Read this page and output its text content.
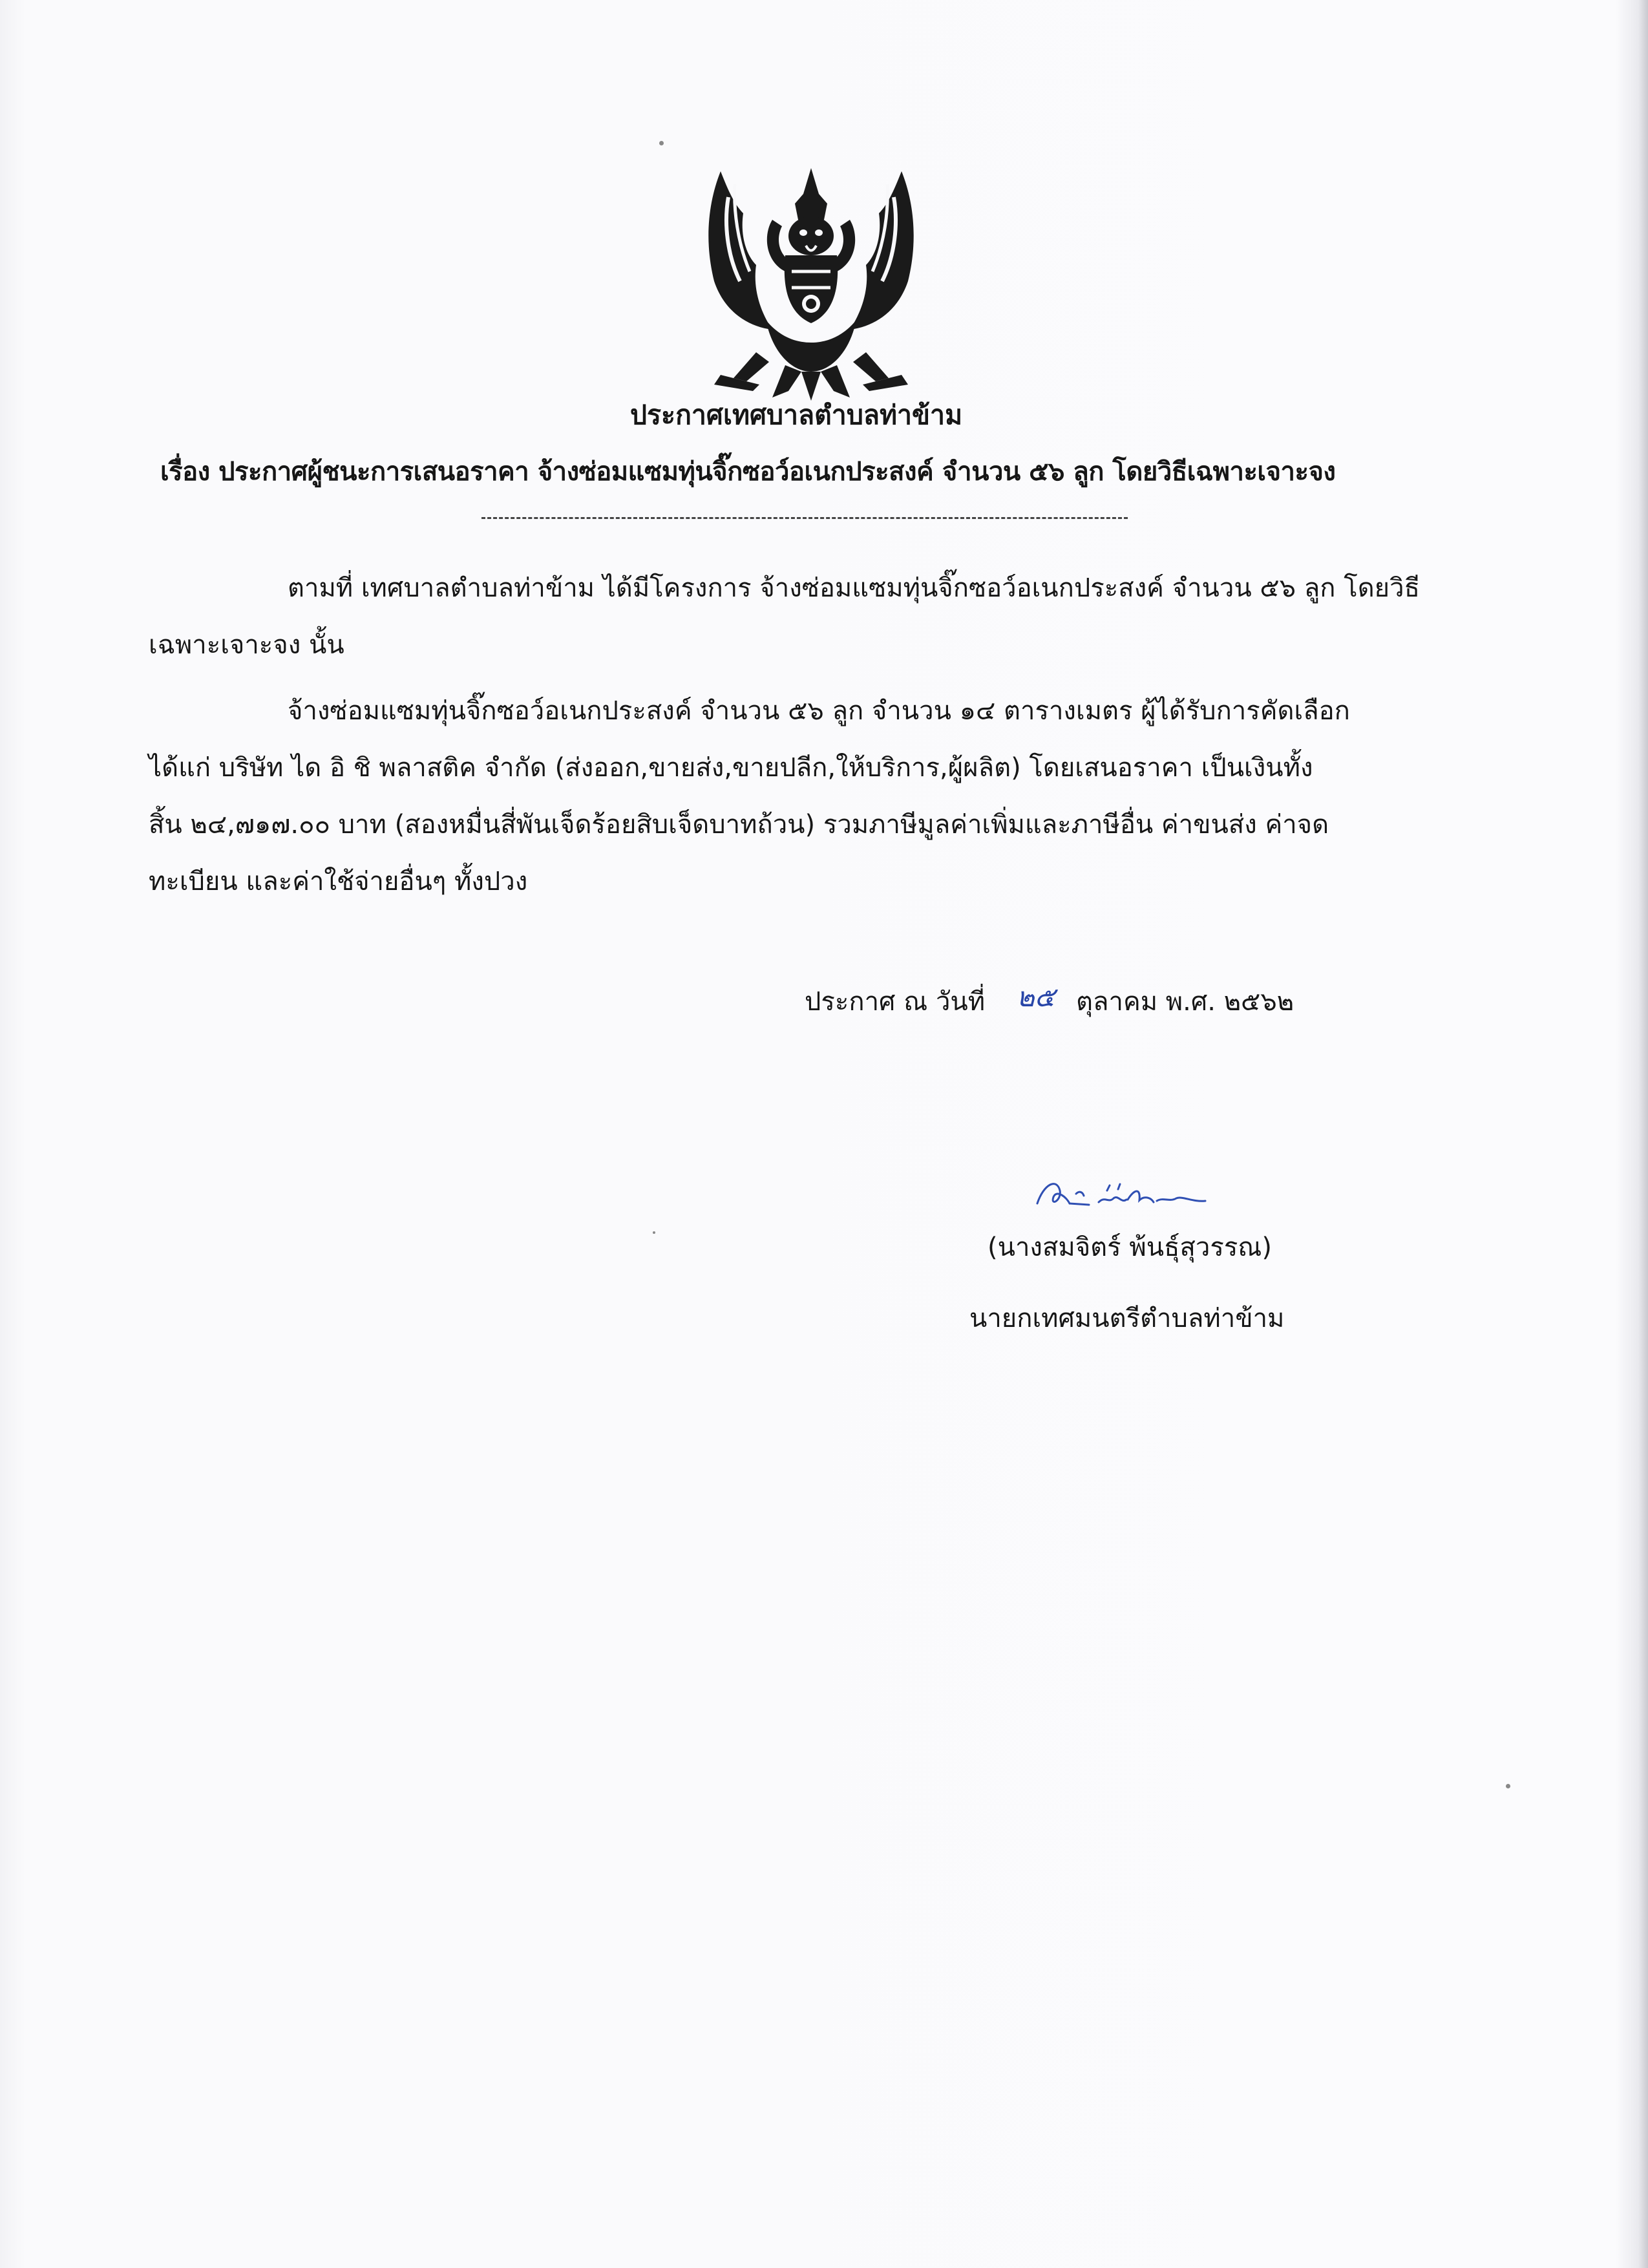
ประกาศเทศบาลตำบลท่าข้าม
เรื่อง ประกาศผู้ชนะการเสนอราคา จ้างซ่อมแซมทุ่นจิ๊กซอว์อเนกประสงค์ จำนวน ๕๖ ลูก โดยวิธีเฉพาะเจาะจง
ตามที่ เทศบาลตำบลท่าข้าม ได้มีโครงการ จ้างซ่อมแซมทุ่นจิ๊กซอว์อเนกประสงค์ จำนวน ๕๖ ลูก โดยวิธี
เฉพาะเจาะจง นั้น
จ้างซ่อมแซมทุ่นจิ๊กซอว์อเนกประสงค์ จำนวน ๕๖ ลูก จำนวน ๑๔ ตารางเมตร ผู้ได้รับการคัดเลือก
ได้แก่ บริษัท ได อิ ชิ พลาสติค จำกัด (ส่งออก,ขายส่ง,ขายปลีก,ให้บริการ,ผู้ผลิต) โดยเสนอราคา เป็นเงินทั้ง
สิ้น ๒๔,๗๑๗.๐๐ บาท (สองหมื่นสี่พันเจ็ดร้อยสิบเจ็ดบาทถ้วน) รวมภาษีมูลค่าเพิ่มและภาษีอื่น ค่าขนส่ง ค่าจด
ทะเบียน และค่าใช้จ่ายอื่นๆ ทั้งปวง
ประกาศ ณ วันที่ ๒๕ ตุลาคม พ.ศ. ๒๕๖๒
(นางสมจิตร์ พ้นธุ์สุวรรณ)
นายกเทศมนตรีตำบลท่าข้าม
